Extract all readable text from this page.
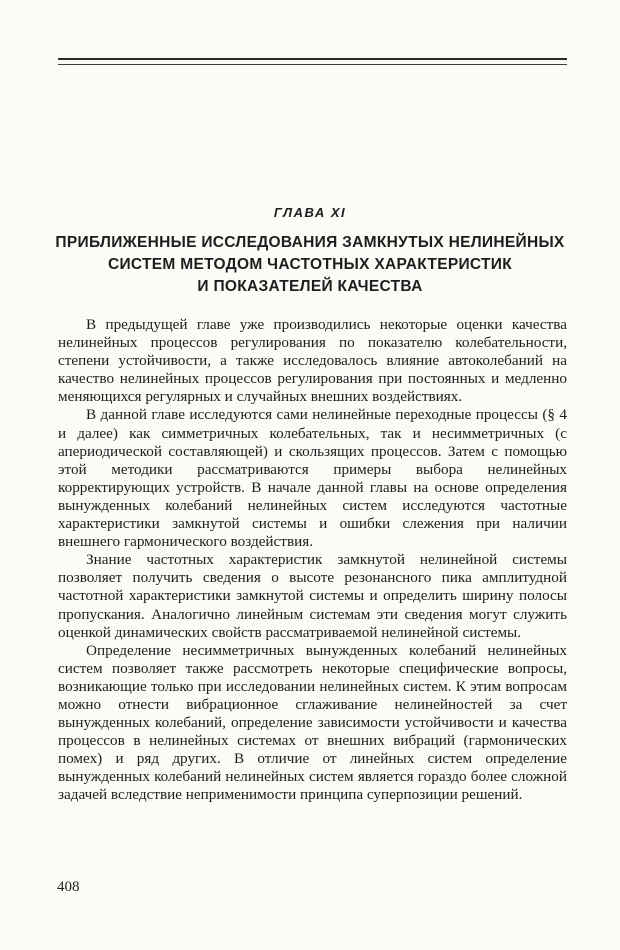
ГЛАВА XI
ПРИБЛИЖЕННЫЕ ИССЛЕДОВАНИЯ ЗАМКНУТЫХ НЕЛИНЕЙНЫХ
СИСТЕМ МЕТОДОМ ЧАСТОТНЫХ ХАРАКТЕРИСТИК
И ПОКАЗАТЕЛЕЙ КАЧЕСТВА

В предыдущей главе уже производились некоторые оценки качества нелинейных процессов регулирования по показателю колебательности, степени устойчивости, а также исследовалось влияние автоколебаний на качество нелинейных процессов регулирования при постоянных и медленно меняющихся регулярных и случайных внешних воздействиях.

В данной главе исследуются сами нелинейные переходные процессы (§ 4 и далее) как симметричных колебательных, так и несимметричных (с апериодической составляющей) и скользящих процессов. Затем с помощью этой методики рассматриваются примеры выбора нелинейных корректирующих устройств. В начале данной главы на основе определения вынужденных колебаний нелинейных систем исследуются частотные характеристики замкнутой системы и ошибки слежения при наличии внешнего гармонического воздействия.

Знание частотных характеристик замкнутой нелинейной системы позволяет получить сведения о высоте резонансного пика амплитудной частотной характеристики замкнутой системы и определить ширину полосы пропускания. Аналогично линейным системам эти сведения могут служить оценкой динамических свойств рассматриваемой нелинейной системы.

Определение несимметричных вынужденных колебаний нелинейных систем позволяет также рассмотреть некоторые специфические вопросы, возникающие только при исследовании нелинейных систем. К этим вопросам можно отнести вибрационное сглаживание нелинейностей за счет вынужденных колебаний, определение зависимости устойчивости и качества процессов в нелинейных системах от внешних вибраций (гармонических помех) и ряд других. В отличие от линейных систем определение вынужденных колебаний нелинейных систем является гораздо более сложной задачей вследствие неприменимости принципа суперпозиции решений.

408
